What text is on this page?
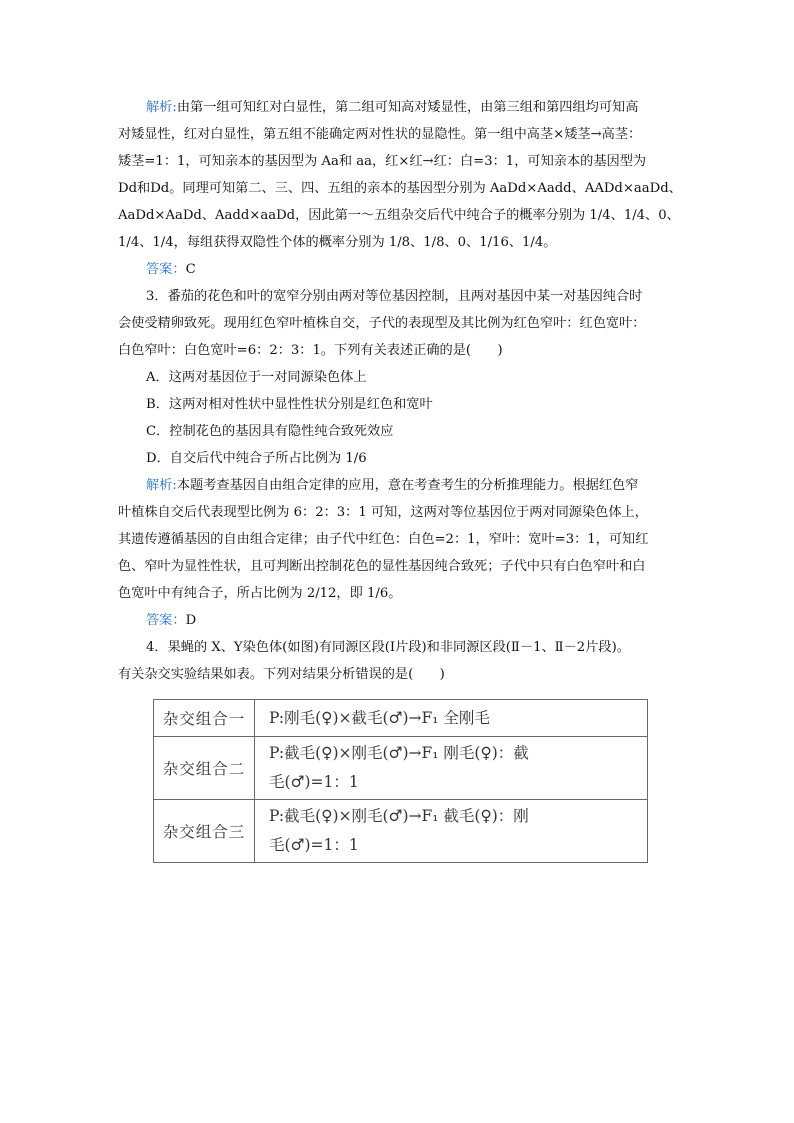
解析:由第一组可知红对白显性，第二组可知高对矮显性，由第三组和第四组均可知高
对矮显性，红对白显性，第五组不能确定两对性状的显隐性。第一组中高茎×矮茎→高茎：
矮茎=1：1，可知亲本的基因型为 Aa和 aa，红×红→红：白=3：1，可知亲本的基因型为
Dd和Dd。同理可知第二、三、四、五组的亲本的基因型分别为 AaDd×Aadd、AADd×aaDd、
AaDd×AaDd、Aadd×aaDd，因此第一～五组杂交后代中纯合子的概率分别为 1/4、1/4、0、
1/4、1/4，每组获得双隐性个体的概率分别为 1/8、1/8、0、1/16、1/4。
答案：C
3．番茄的花色和叶的宽窄分别由两对等位基因控制，且两对基因中某一对基因纯合时
会使受精卵致死。现用红色窄叶植株自交，子代的表现型及其比例为红色窄叶：红色宽叶：
白色窄叶：白色宽叶=6：2：3：1。下列有关表述正确的是(　　)
A．这两对基因位于一对同源染色体上
B．这两对相对性状中显性性状分别是红色和宽叶
C．控制花色的基因具有隐性纯合致死效应
D．自交后代中纯合子所占比例为 1/6
解析:本题考查基因自由组合定律的应用，意在考查考生的分析推理能力。根据红色窄
叶植株自交后代表现型比例为 6：2：3：1 可知，这两对等位基因位于两对同源染色体上，
其遗传遵循基因的自由组合定律；由子代中红色：白色=2：1，窄叶：宽叶=3：1，可知红
色、窄叶为显性性状，且可判断出控制花色的显性基因纯合致死；子代中只有白色窄叶和白
色宽叶中有纯合子，所占比例为 2/12，即 1/6。
答案：D
4．果蝇的 X、Y染色体(如图)有同源区段(Ⅰ片段)和非同源区段(Ⅱ－1、Ⅱ－2片段)。
有关杂交实验结果如表。下列对结果分析错误的是(　　)
杂交组合一	P:刚毛(♀)×截毛(♂)→F₁ 全刚毛

杂交组合二	P:截毛(♀)×刚毛(♂)→F₁ 刚毛(♀)：截
毛(♂)=1：1

杂交组合三	P:截毛(♀)×刚毛(♂)→F₁ 截毛(♀)：刚
毛(♂)=1：1
